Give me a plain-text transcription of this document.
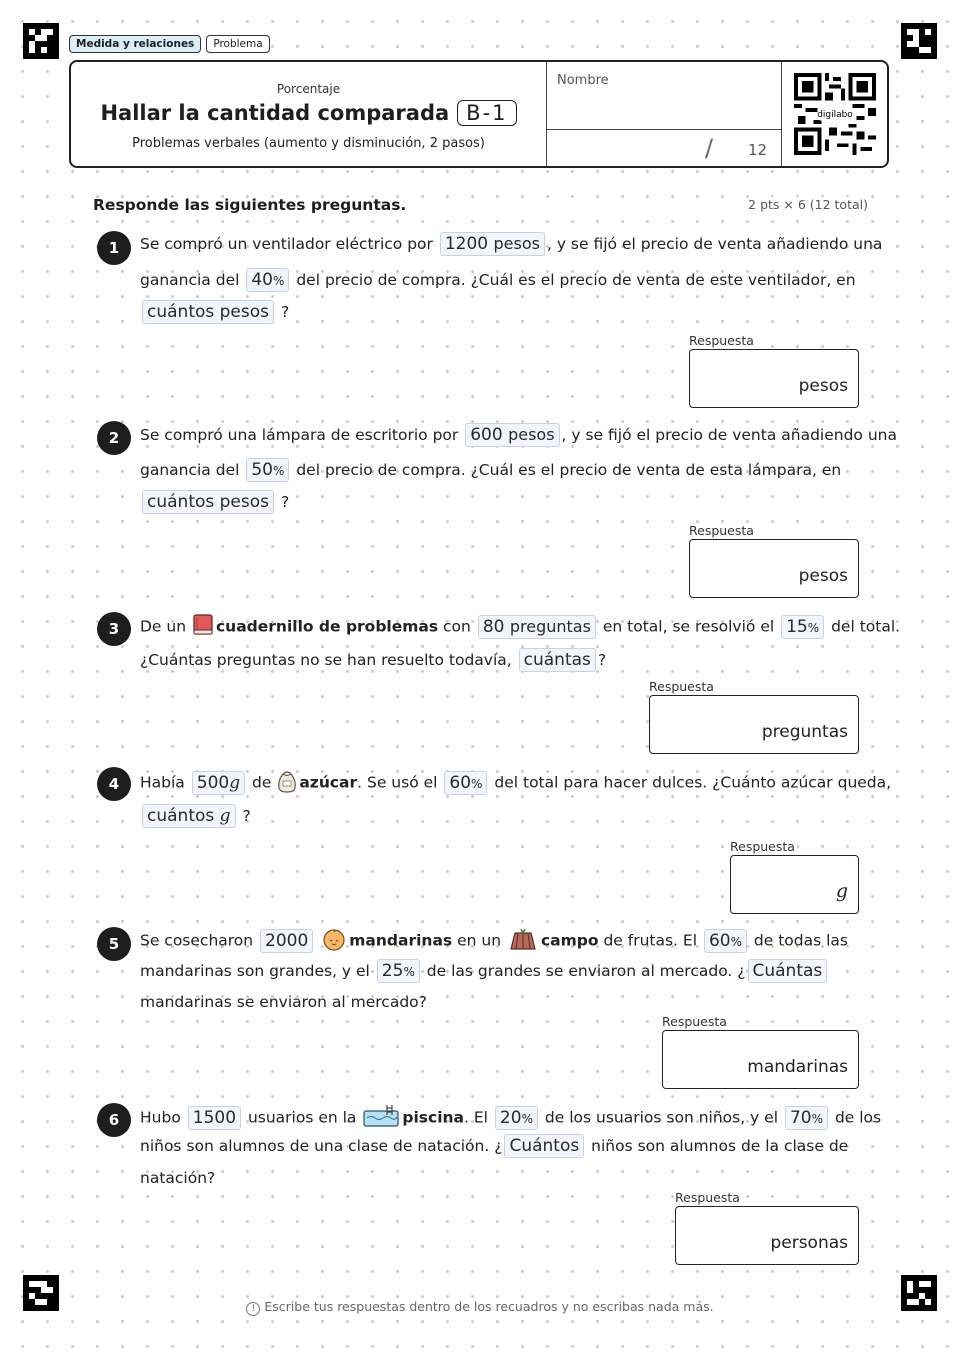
Medida y relaciones	Problema
Porcentaje
Hallar la cantidad comparada B-1
Problemas verbales (aumento y disminución, 2 pasos)
Nombre
/ 12
digilabo
Responde las siguientes preguntas.	2 pts × 6 (12 total)
1	Se compró un ventilador eléctrico por 1200 pesos , y se fijó el precio de venta añadiendo una
ganancia del 40% del precio de compra. ¿Cuál es el precio de venta de este ventilador, en
cuántos pesos ?
Respuesta
pesos
2	Se compró una lámpara de escritorio por 600 pesos , y se fijó el precio de venta añadiendo una
ganancia del 50% del precio de compra. ¿Cuál es el precio de venta de esta lámpara, en
cuántos pesos ?
Respuesta
pesos
3	De un cuadernillo de problemas con 80 preguntas en total, se resolvió el 15% del total.
¿Cuántas preguntas no se han resuelto todavía, cuántas ?
Respuesta
preguntas
4	Había 500g de azúcar. Se usó el 60% del total para hacer dulces. ¿Cuánto azúcar queda,
cuántos g ?
Respuesta
g
5	Se cosecharon 2000	mandarinas en un	campo de frutas. El 60% de todas las
mandarinas son grandes, y el 25% de las grandes se enviaron al mercado. ¿ Cuántas
mandarinas se enviaron al mercado?
Respuesta
mandarinas
6	Hubo 1500 usuarios en la	piscina. El 20% de los usuarios son niños, y el 70% de los
niños son alumnos de una clase de natación. ¿ Cuántos niños son alumnos de la clase de
natación?
Respuesta
personas
! Escribe tus respuestas dentro de los recuadros y no escribas nada más.
